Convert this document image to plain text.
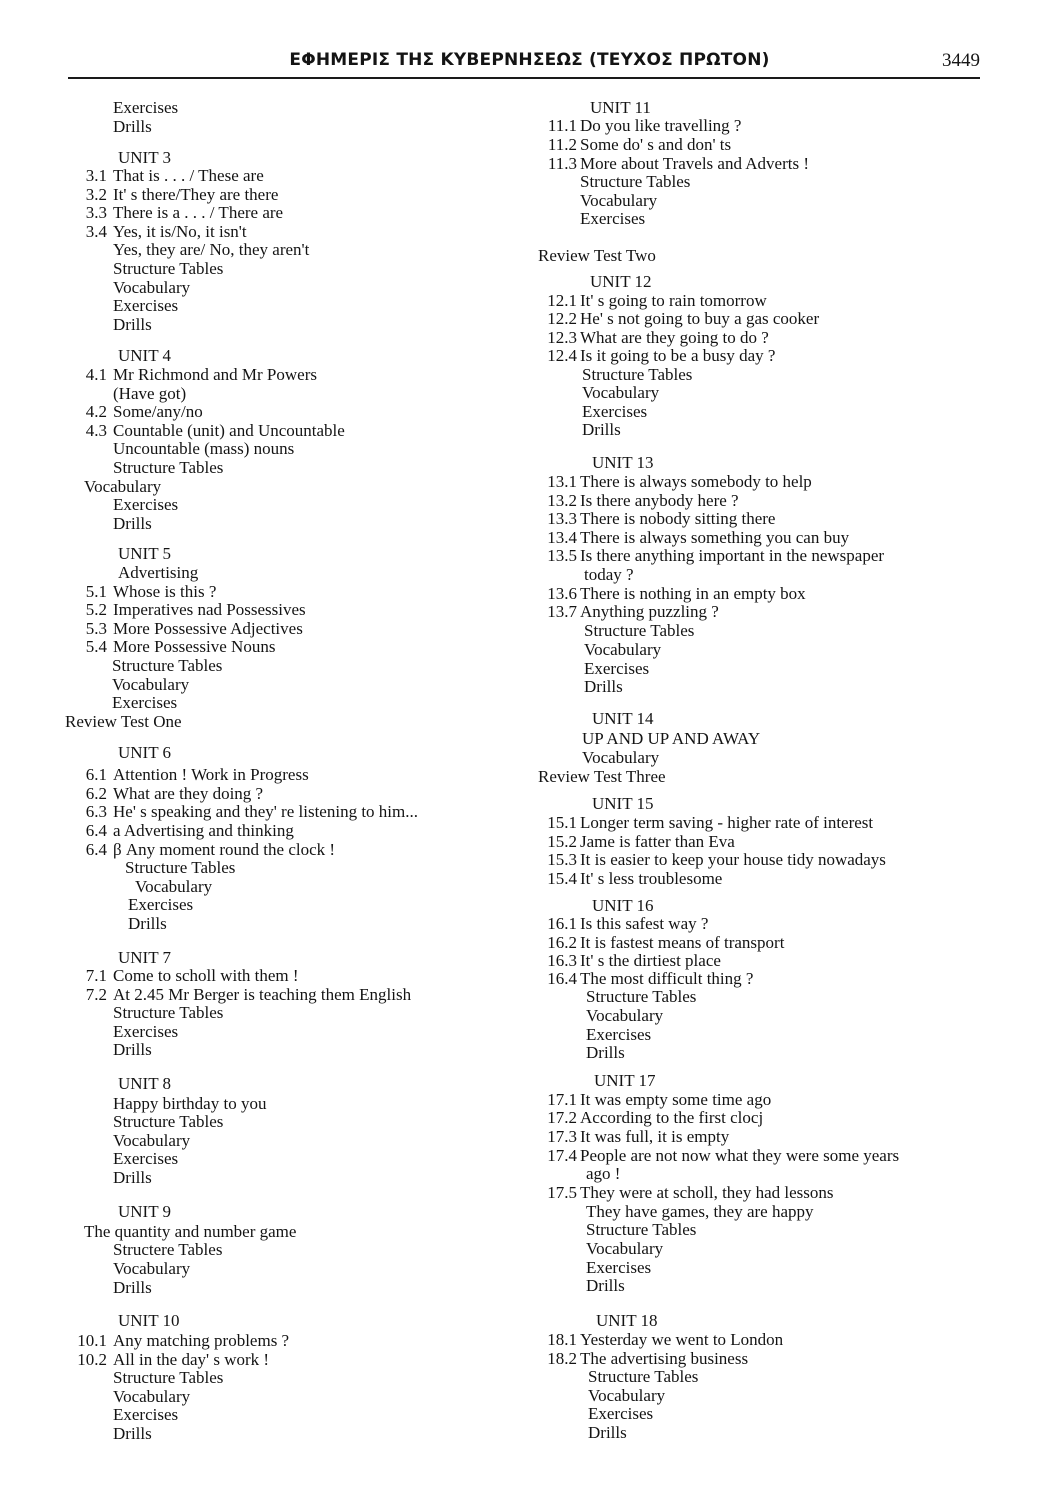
ΕΦΗΜΕΡΙΣ ΤΗΣ ΚΥΒΕΡΝΗΣΕΩΣ (ΤΕΥΧΟΣ ΠΡΩΤΟΝ)	3449
Exercises
Drills
UNIT 3
3.1 That is . . . / These are
3.2 It' s there/They are there
3.3 There is a . . . / There are
3.4 Yes, it is/No, it isn't
Yes, they are/ No, they aren't
Structure Tables
Vocabulary
Exercises
Drills
UNIT 4
4.1 Mr Richmond and Mr Powers
(Have got)
4.2 Some/any/no
4.3 Countable (unit) and Uncountable
Uncountable (mass) nouns
Structure Tables
Vocabulary
Exercises
Drills
UNIT 5
Advertising
5.1 Whose is this ?
5.2 Imperatives nad Possessives
5.3 More Possessive Adjectives
5.4 More Possessive Nouns
Structure Tables
Vocabulary
Exercises
Review Test One
UNIT 6
6.1 Attention ! Work in Progress
6.2 What are they doing ?
6.3 He' s speaking and they' re listening to him...
6.4 a Advertising and thinking
6.4 β Any moment round the clock !
Structure Tables
Vocabulary
Exercises
Drills
UNIT 7
7.1 Come to scholl with them !
7.2 At 2.45 Mr Berger is teaching them English
Structure Tables
Exercises
Drills
UNIT 8
Happy birthday to you
Structure Tables
Vocabulary
Exercises
Drills
UNIT 9
The quantity and number game
Structere Tables
Vocabulary
Drills
UNIT 10
10.1 Any matching problems ?
10.2 All in the day' s work !
Structure Tables
Vocabulary
Exercises
Drills
UNIT 11
11.1 Do you like travelling ?
11.2 Some do' s and don' ts
11.3 More about Travels and Adverts !
Structure Tables
Vocabulary
Exercises
Review Test Two
UNIT 12
12.1 It' s going to rain tomorrow
12.2 He' s not going to buy a gas cooker
12.3 What are they going to do ?
12.4 Is it going to be a busy day ?
Structure Tables
Vocabulary
Exercises
Drills
UNIT 13
13.1 There is always somebody to help
13.2 Is there anybody here ?
13.3 There is nobody sitting there
13.4 There is always something you can buy
13.5 Is there anything important in the newspaper
today ?
13.6 There is nothing in an empty box
13.7 Anything puzzling ?
Structure Tables
Vocabulary
Exercises
Drills
UNIT 14
UP AND UP AND AWAY
Vocabulary
Review Test Three
UNIT 15
15.1 Longer term saving - higher rate of interest
15.2 Jame is fatter than Eva
15.3 It is easier to keep your house tidy nowadays
15.4 It' s less troublesome
UNIT 16
16.1 Is this safest way ?
16.2 It is fastest means of transport
16.3 It' s the dirtiest place
16.4 The most difficult thing ?
Structure Tables
Vocabulary
Exercises
Drills
UNIT 17
17.1 It was empty some time ago
17.2 According to the first clocj
17.3 It was full, it is empty
17.4 People are not now what they were some years
ago !
17.5 They were at scholl, they had lessons
They have games, they are happy
Structure Tables
Vocabulary
Exercises
Drills
UNIT 18
18.1 Yesterday we went to London
18.2 The advertising business
Structure Tables
Vocabulary
Exercises
Drills
